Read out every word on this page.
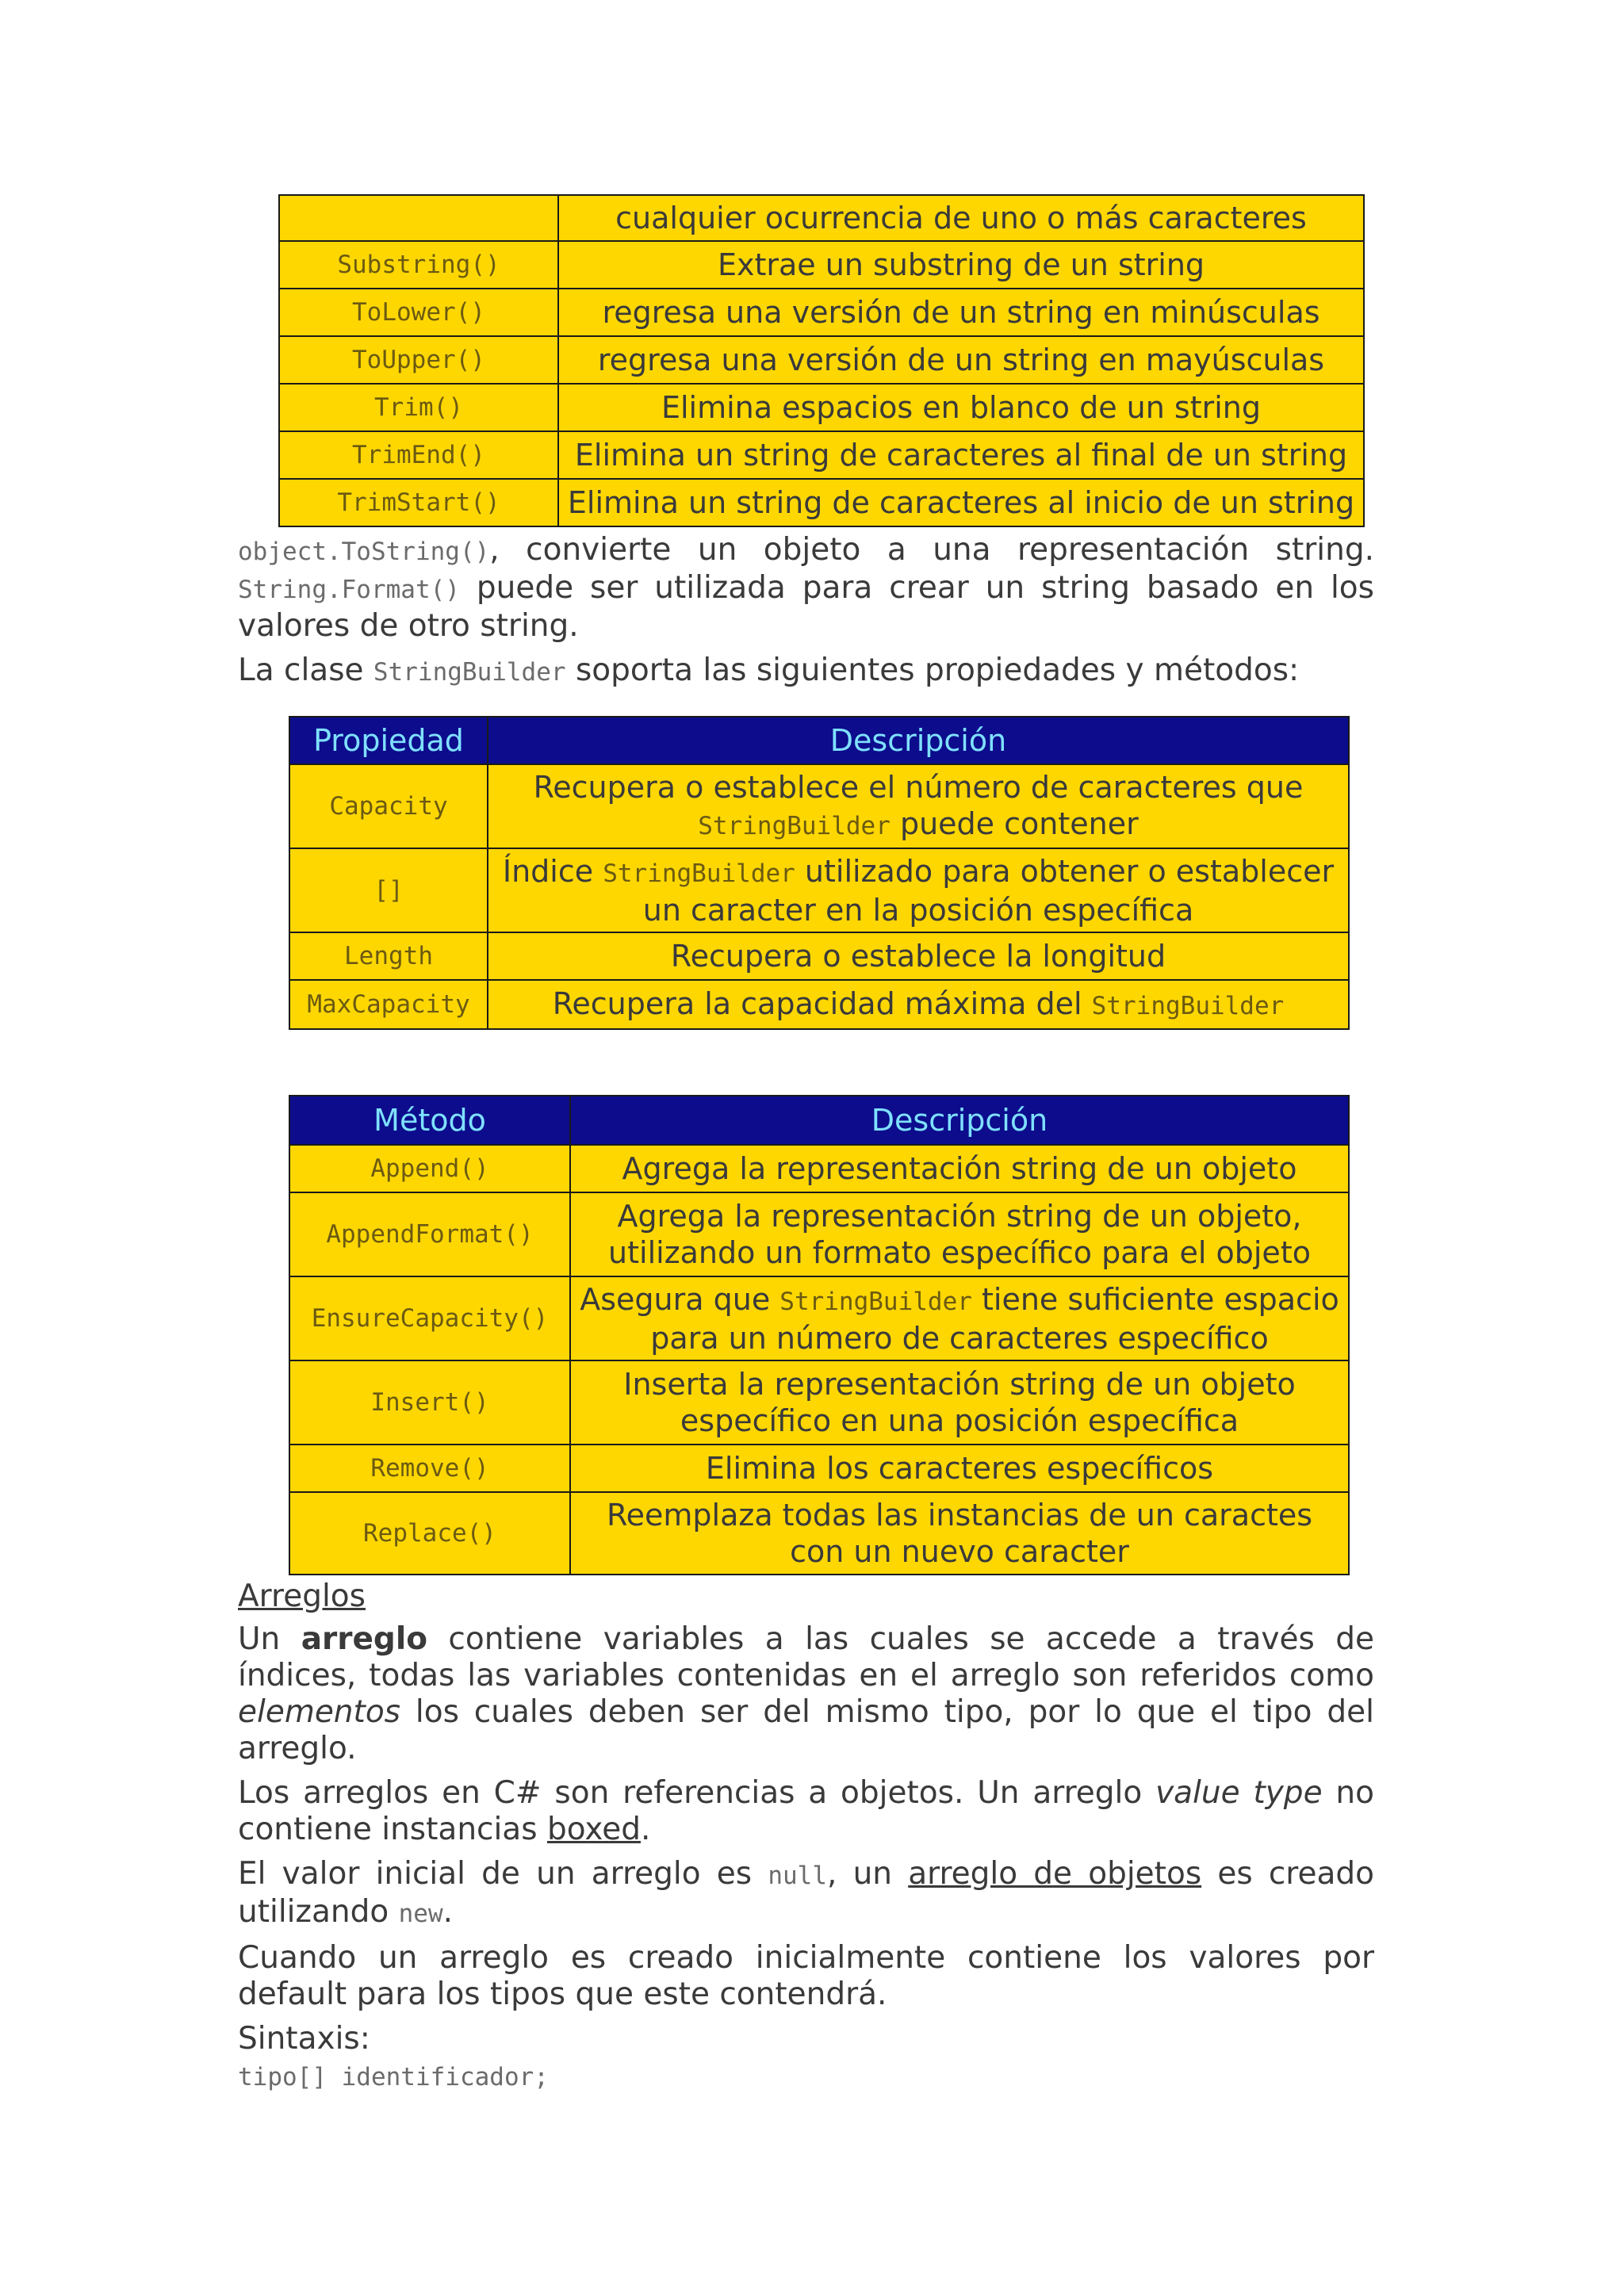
	cualquier ocurrencia de uno o más caracteres
Substring()	Extrae un substring de un string
ToLower()	regresa una versión de un string en minúsculas
ToUpper()	regresa una versión de un string en mayúsculas
Trim()	Elimina espacios en blanco de un string
TrimEnd()	Elimina un string de caracteres al final de un string
TrimStart()	Elimina un string de caracteres al inicio de un string

object.ToString(), convierte un objeto a una representación string. String.Format() puede ser utilizada para crear un string basado en los valores de otro string.

La clase StringBuilder soporta las siguientes propiedades y métodos:

Propiedad	Descripción
Capacity	Recupera o establece el número de caracteres que
StringBuilder puede contener
[]	Índice StringBuilder utilizado para obtener o establecer un caracter en la posición específica
Length	Recupera o establece la longitud
MaxCapacity	Recupera la capacidad máxima del StringBuilder
Método	Descripción
Append()	Agrega la representación string de un objeto
AppendFormat()	Agrega la representación string de un objeto, utilizando un formato específico para el objeto
EnsureCapacity()	Asegura que StringBuilder tiene suficiente espacio para un número de caracteres específico
Insert()	Inserta la representación string de un objeto específico en una posición específica
Remove()	Elimina los caracteres específicos
Replace()	Reemplaza todas las instancias de un caractes con un nuevo caracter

Arreglos

Un arreglo contiene variables a las cuales se accede a través de índices, todas las variables contenidas en el arreglo son referidos como elementos los cuales deben ser del mismo tipo, por lo que el tipo del arreglo.

Los arreglos en C# son referencias a objetos. Un arreglo value type no contiene instancias boxed.

El valor inicial de un arreglo es null, un arreglo de objetos es creado utilizando new.

Cuando un arreglo es creado inicialmente contiene los valores por default para los tipos que este contendrá.

Sintaxis:

tipo[] identificador;
